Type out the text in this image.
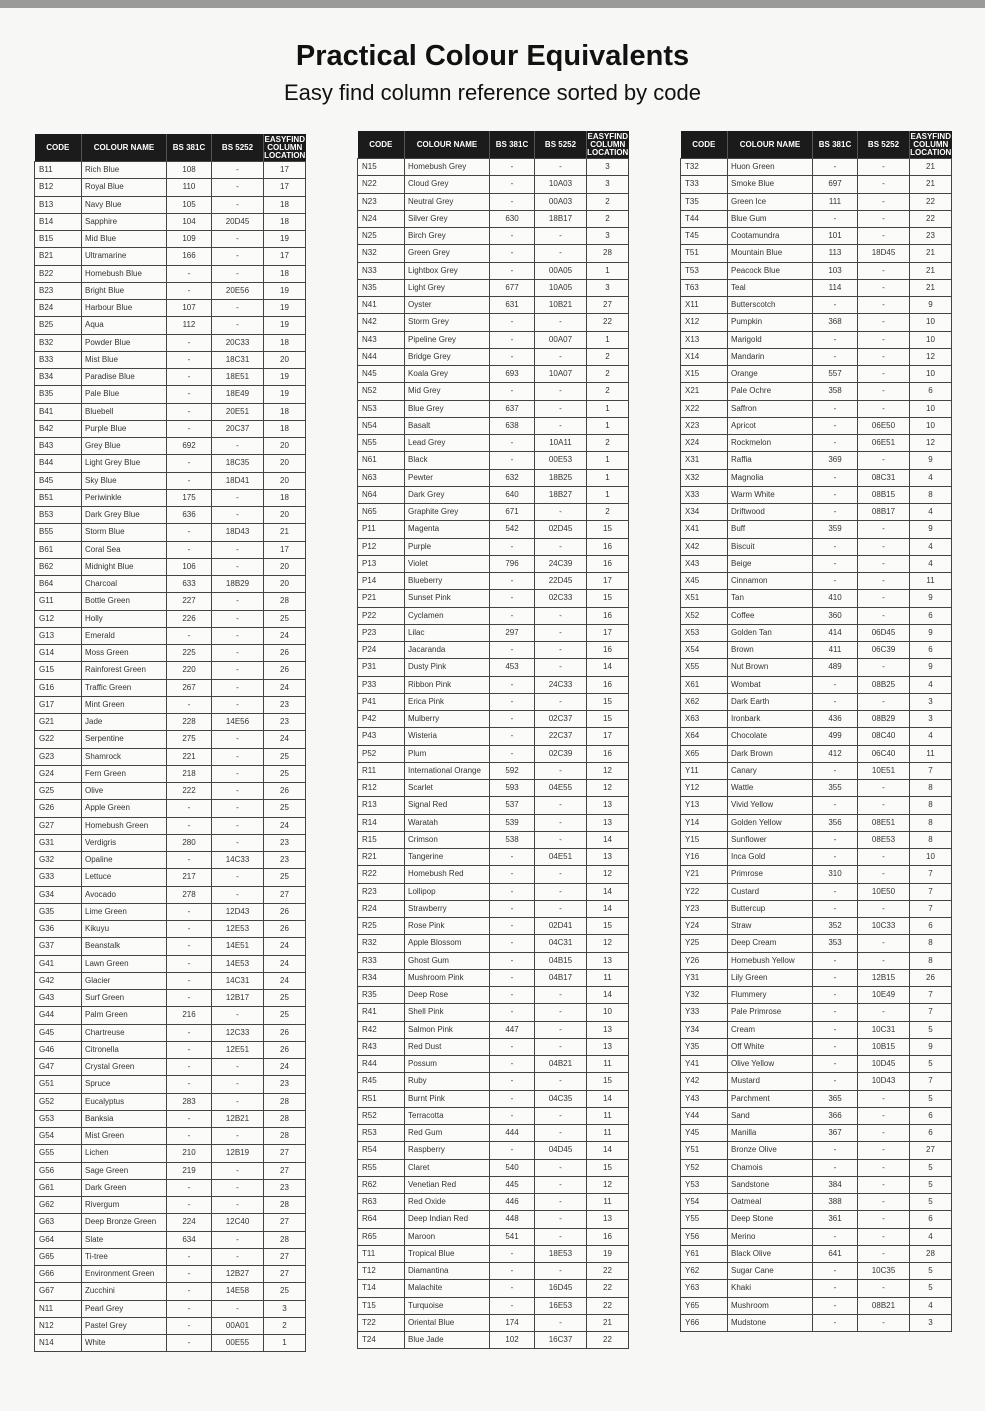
Practical Colour Equivalents
Easy find column reference sorted by code
CODE	COLOUR NAME	BS 381C	BS 5252	EASYFIND COLUMN LOCATION
B11	Rich Blue	108	-	17
B12	Royal Blue	110	-	17
B13	Navy Blue	105	-	18
B14	Sapphire	104	20D45	18
B15	Mid Blue	109	-	19
B21	Ultramarine	166	-	17
B22	Homebush Blue	-	-	18
B23	Bright Blue	-	20E56	19
B24	Harbour Blue	107	-	19
B25	Aqua	112	-	19
B32	Powder Blue	-	20C33	18
B33	Mist Blue	-	18C31	20
B34	Paradise Blue	-	18E51	19
B35	Pale Blue	-	18E49	19
B41	Bluebell	-	20E51	18
B42	Purple Blue	-	20C37	18
B43	Grey Blue	692	-	20
B44	Light Grey Blue	-	18C35	20
B45	Sky Blue	-	18D41	20
B51	Periwinkle	175	-	18
B53	Dark Grey Blue	636	-	20
B55	Storm Blue	-	18D43	21
B61	Coral Sea	-	-	17
B62	Midnight Blue	106	-	20
B64	Charcoal	633	18B29	20
G11	Bottle Green	227	-	28
G12	Holly	226	-	25
G13	Emerald	-	-	24
G14	Moss Green	225	-	26
G15	Rainforest Green	220	-	26
G16	Traffic Green	267	-	24
G17	Mint Green	-	-	23
G21	Jade	228	14E56	23
G22	Serpentine	275	-	24
G23	Shamrock	221	-	25
G24	Fern Green	218	-	25
G25	Olive	222	-	26
G26	Apple Green	-	-	25
G27	Homebush Green	-	-	24
G31	Verdigris	280	-	23
G32	Opaline	-	14C33	23
G33	Lettuce	217	-	25
G34	Avocado	278	-	27
G35	Lime Green	-	12D43	26
G36	Kikuyu	-	12E53	26
G37	Beanstalk	-	14E51	24
G41	Lawn Green	-	14E53	24
G42	Glacier	-	14C31	24
G43	Surf Green	-	12B17	25
G44	Palm Green	216	-	25
G45	Chartreuse	-	12C33	26
G46	Citronella	-	12E51	26
G47	Crystal Green	-	-	24
G51	Spruce	-	-	23
G52	Eucalyptus	283	-	28
G53	Banksia	-	12B21	28
G54	Mist Green	-	-	28
G55	Lichen	210	12B19	27
G56	Sage Green	219	-	27
G61	Dark Green	-	-	23
G62	Rivergum	-	-	28
G63	Deep Bronze Green	224	12C40	27
G64	Slate	634	-	28
G65	Ti-tree	-	-	27
G66	Environment Green	-	12B27	27
G67	Zucchini	-	14E58	25
N11	Pearl Grey	-	-	3
N12	Pastel Grey	-	00A01	2
N14	White	-	00E55	1
CODE	COLOUR NAME	BS 381C	BS 5252	EASYFIND COLUMN LOCATION
N15	Homebush Grey	-	-	3
N22	Cloud Grey	-	10A03	3
N23	Neutral Grey	-	00A03	2
N24	Silver Grey	630	18B17	2
N25	Birch Grey	-	-	3
N32	Green Grey	-	-	28
N33	Lightbox Grey	-	00A05	1
N35	Light Grey	677	10A05	3
N41	Oyster	631	10B21	27
N42	Storm Grey	-	-	22
N43	Pipeline Grey	-	00A07	1
N44	Bridge Grey	-	-	2
N45	Koala Grey	693	10A07	2
N52	Mid Grey	-	-	2
N53	Blue Grey	637	-	1
N54	Basalt	638	-	1
N55	Lead Grey	-	10A11	2
N61	Black	-	00E53	1
N63	Pewter	632	18B25	1
N64	Dark Grey	640	18B27	1
N65	Graphite Grey	671	-	2
P11	Magenta	542	02D45	15
P12	Purple	-	-	16
P13	Violet	796	24C39	16
P14	Blueberry	-	22D45	17
P21	Sunset Pink	-	02C33	15
P22	Cyclamen	-	-	16
P23	Lilac	297	-	17
P24	Jacaranda	-	-	16
P31	Dusty Pink	453	-	14
P33	Ribbon Pink	-	24C33	16
P41	Erica Pink	-	-	15
P42	Mulberry	-	02C37	15
P43	Wisteria	-	22C37	17
P52	Plum	-	02C39	16
R11	International Orange	592	-	12
R12	Scarlet	593	04E55	12
R13	Signal Red	537	-	13
R14	Waratah	539	-	13
R15	Crimson	538	-	14
R21	Tangerine	-	04E51	13
R22	Homebush Red	-	-	12
R23	Lollipop	-	-	14
R24	Strawberry	-	-	14
R25	Rose Pink	-	02D41	15
R32	Apple Blossom	-	04C31	12
R33	Ghost Gum	-	04B15	13
R34	Mushroom Pink	-	04B17	11
R35	Deep Rose	-	-	14
R41	Shell Pink	-	-	10
R42	Salmon Pink	447	-	13
R43	Red Dust	-	-	13
R44	Possum	-	04B21	11
R45	Ruby	-	-	15
R51	Burnt Pink	-	04C35	14
R52	Terracotta	-	-	11
R53	Red Gum	444	-	11
R54	Raspberry	-	04D45	14
R55	Claret	540	-	15
R62	Venetian Red	445	-	12
R63	Red Oxide	446	-	11
R64	Deep Indian Red	448	-	13
R65	Maroon	541	-	16
T11	Tropical Blue	-	18E53	19
T12	Diamantina	-	-	22
T14	Malachite	-	16D45	22
T15	Turquoise	-	16E53	22
T22	Oriental Blue	174	-	21
T24	Blue Jade	102	16C37	22
CODE	COLOUR NAME	BS 381C	BS 5252	EASYFIND COLUMN LOCATION
T32	Huon Green	-	-	21
T33	Smoke Blue	697	-	21
T35	Green Ice	111	-	22
T44	Blue Gum	-	-	22
T45	Cootamundra	101	-	23
T51	Mountain Blue	113	18D45	21
T53	Peacock Blue	103	-	21
T63	Teal	114	-	21
X11	Butterscotch	-	-	9
X12	Pumpkin	368	-	10
X13	Marigold	-	-	10
X14	Mandarin	-	-	12
X15	Orange	557	-	10
X21	Pale Ochre	358	-	6
X22	Saffron	-	-	10
X23	Apricot	-	06E50	10
X24	Rockmelon	-	06E51	12
X31	Raffia	369	-	9
X32	Magnolia	-	08C31	4
X33	Warm White	-	08B15	8
X34	Driftwood	-	08B17	4
X41	Buff	359	-	9
X42	Biscuit	-	-	4
X43	Beige	-	-	4
X45	Cinnamon	-	-	11
X51	Tan	410	-	9
X52	Coffee	360	-	6
X53	Golden Tan	414	06D45	9
X54	Brown	411	06C39	6
X55	Nut Brown	489	-	9
X61	Wombat	-	08B25	4
X62	Dark Earth	-	-	3
X63	Ironbark	436	08B29	3
X64	Chocolate	499	08C40	4
X65	Dark Brown	412	06C40	11
Y11	Canary	-	10E51	7
Y12	Wattle	355	-	8
Y13	Vivid Yellow	-	-	8
Y14	Golden Yellow	356	08E51	8
Y15	Sunflower	-	08E53	8
Y16	Inca Gold	-	-	10
Y21	Primrose	310	-	7
Y22	Custard	-	10E50	7
Y23	Buttercup	-	-	7
Y24	Straw	352	10C33	6
Y25	Deep Cream	353	-	8
Y26	Homebush Yellow	-	-	8
Y31	Lily Green	-	12B15	26
Y32	Flummery	-	10E49	7
Y33	Pale Primrose	-	-	7
Y34	Cream	-	10C31	5
Y35	Off White	-	10B15	9
Y41	Olive Yellow	-	10D45	5
Y42	Mustard	-	10D43	7
Y43	Parchment	365	-	5
Y44	Sand	366	-	6
Y45	Manilla	367	-	6
Y51	Bronze Olive	-	-	27
Y52	Chamois	-	-	5
Y53	Sandstone	384	-	5
Y54	Oatmeal	388	-	5
Y55	Deep Stone	361	-	6
Y56	Merino	-	-	4
Y61	Black Olive	641	-	28
Y62	Sugar Cane	-	10C35	5
Y63	Khaki	-	-	5
Y65	Mushroom	-	08B21	4
Y66	Mudstone	-	-	3
